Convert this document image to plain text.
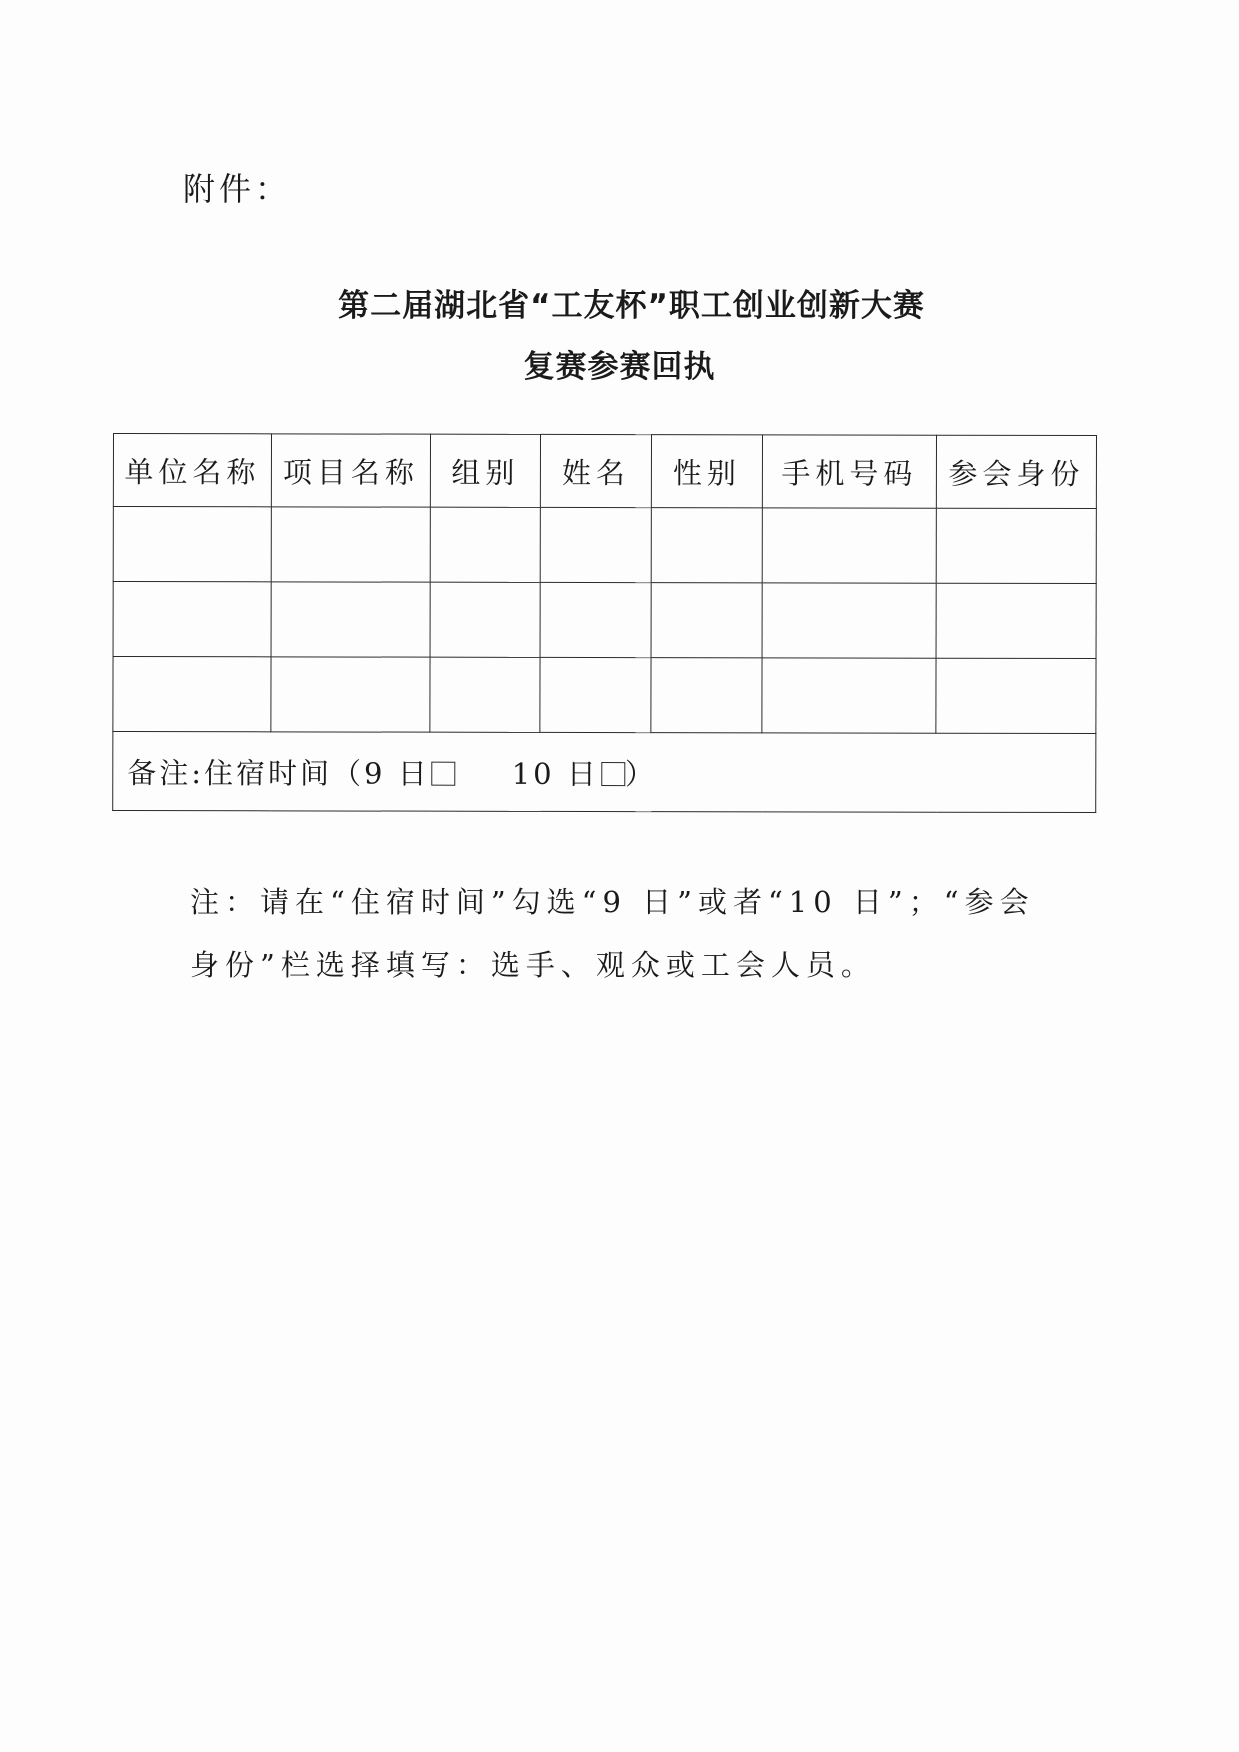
附件：
第二届湖北省“工友杯”职工创业创新大赛
复赛参赛回执
单位名称	项目名称	组别	姓名	性别	手机号码	参会身份

备注:住宿时间（9 日 10 日 ）						
注：请在“住宿时间”勾选“9 日”或者“10 日”；“参会
身份”栏选择填写：选手、观众或工会人员。
